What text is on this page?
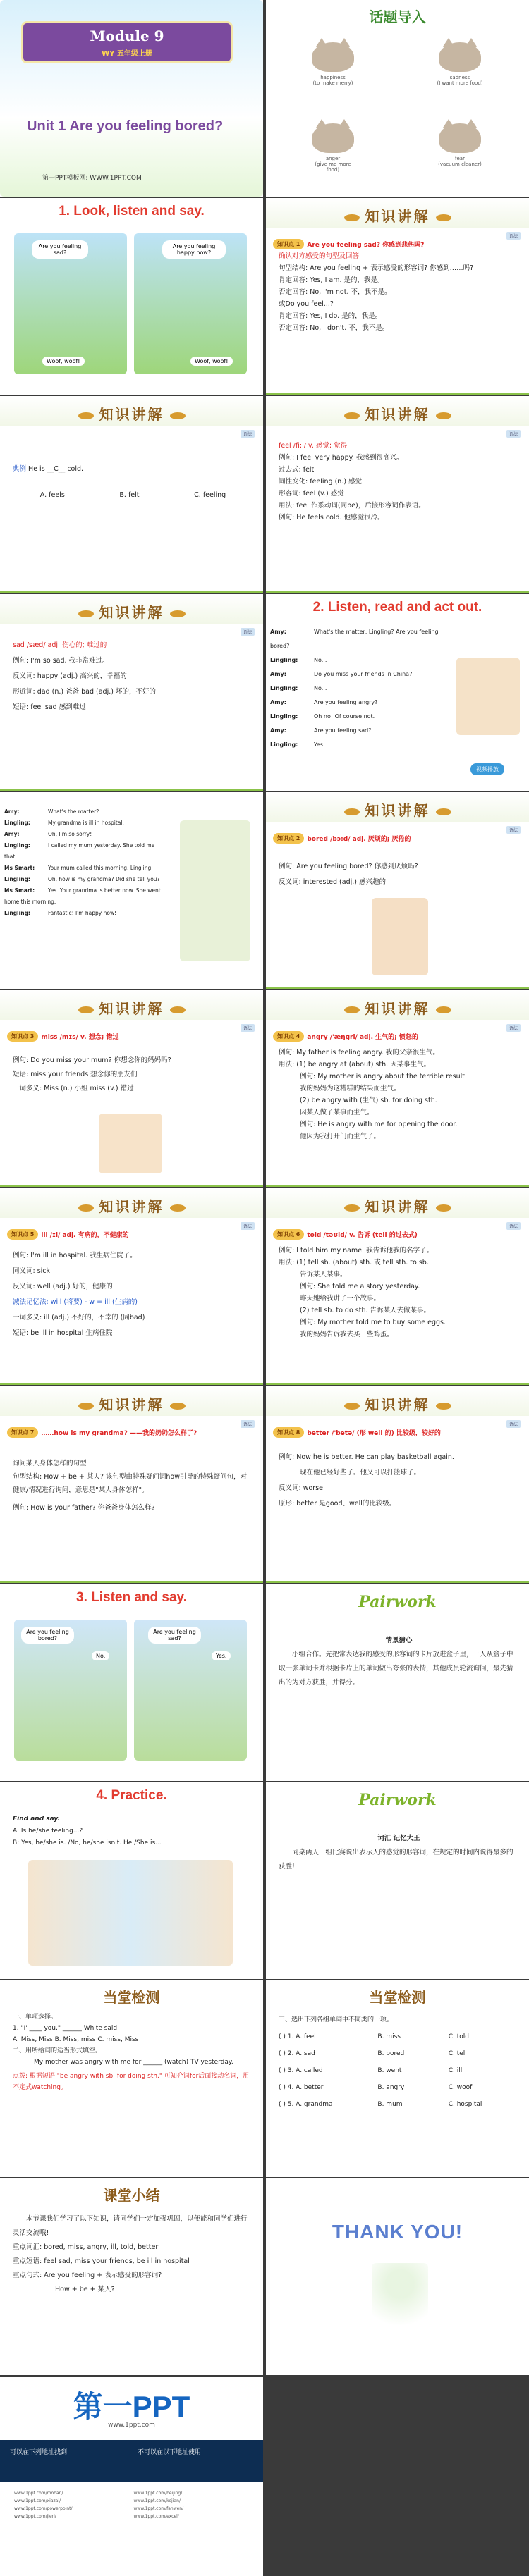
Module 9
WY 五年级上册
Unit 1 Are you feeling bored?
第一PPT模板网: WWW.1PPT.COM
话题导入
happiness
(to make merry)
sadness
(I want more food)
anger
(give me more food)
fear
(vacuum cleaner)
1. Look, listen and say.
Are you feeling sad?
Are you feeling happy now?
Woof, woof!	Woof, woof!
知识讲解
语法
知识点 1	Are you feeling sad? 你感到悲伤吗?
确认对方感受的句型及回答
句型结构: Are you feeling + 表示感受的形容词? 你感到……吗?
肯定回答: Yes, I am. 是的，我是。
否定回答: No, I'm not. 不，我不是。
或Do you feel...?
肯定回答: Yes, I do. 是的，我是。
否定回答: No, I don't. 不，我不是。
知识讲解
语法
典例 He is __C__ cold.
A. feels	B. felt	C. feeling
知识讲解
语法
feel /fi:l/ v. 感觉; 觉得
例句: I feel very happy. 我感到很高兴。
过去式: felt
词性变化: feeling (n.) 感觉
形容词: feel (v.) 感觉
用法: feel 作系动词(同be)，后接形容词作表语。
例句: He feels cold. 他感觉很冷。
知识讲解
语法
sad /sæd/ adj. 伤心的; 难过的
例句: I'm so sad. 我非常难过。
反义词: happy (adj.) 高兴的，幸福的
形近词: dad (n.) 爸爸 bad (adj.) 坏的，不好的
短语: feel sad 感到难过
2. Listen, read and act out.
Amy:	What's the matter, Lingling? Are you feeling bored?
Lingling:	No...
Amy:	Do you miss your friends in China?
Lingling:	No...
Amy:	Are you feeling angry?
Lingling:	Oh no! Of course not.
Amy:	Are you feeling sad?
Lingling:	Yes...
视频播放
Amy:	What's the matter?
Lingling:	My grandma is ill in hospital.
Amy:	Oh, I'm so sorry!
Lingling:	I called my mum yesterday. She told me that.
Ms Smart:	Your mum called this morning, Lingling.
Lingling:	Oh, how is my grandma? Did she tell you?
Ms Smart:	Yes. Your grandma is better now. She went home this morning.
Lingling:	Fantastic! I'm happy now!
知识讲解
语法
知识点 2	bored /bɔ:d/ adj. 厌烦的; 厌倦的
例句: Are you feeling bored? 你感到厌烦吗?
反义词: interested (adj.) 感兴趣的
知识讲解
语法
知识点 3	miss /mɪs/ v. 想念; 错过
例句: Do you miss your mum? 你想念你的妈妈吗?
短语: miss your friends 想念你的朋友们
一词多义: Miss (n.) 小姐 miss (v.) 错过
知识讲解
语法
知识点 4	angry /'æŋɡri/ adj. 生气的; 愤怒的
例句: My father is feeling angry. 我的父亲很生气。
用法: (1) be angry at (about) sth. 因某事生气。
例句: My mother is angry about the terrible result.
我的妈妈为这糟糕的结果而生气。
(2) be angry with (生气) sb. for doing sth.
因某人做了某事而生气。
例句: He is angry with me for opening the door.
他因为我打开门而生气了。
知识讲解
语法
知识点 5	ill /ɪl/ adj. 有病的，不健康的
例句: I'm ill in hospital. 我生病住院了。
同义词: sick
反义词: well (adj.) 好的，健康的
减法记忆法: will (将要) - w = ill (生病的)
一词多义: ill (adj.) 不好的，不幸的 (同bad)
短语: be ill in hospital 生病住院
知识讲解
语法
知识点 6	told /təʊld/ v. 告诉 (tell 的过去式)
例句: I told him my name. 我告诉他我的名字了。
用法: (1) tell sb. (about) sth. 或 tell sth. to sb.
告诉某人某事。
例句: She told me a story yesterday.
昨天她给我讲了一个故事。
(2) tell sb. to do sth. 告诉某人去做某事。
例句: My mother told me to buy some eggs.
我的妈妈告诉我去买一些鸡蛋。
知识讲解
语法
知识点 7	……how is my grandma? ——我的奶奶怎么样了?
询问某人身体怎样的句型
句型结构: How + be + 某人? 该句型由特殊疑问词how引导的特殊疑问句，对健康/情况进行询问，意思是"某人身体怎样"。
例句: How is your father? 你爸爸身体怎么样?
知识讲解
语法
知识点 8	better /'betə/ (形 well 的) 比较级，较好的
例句: Now he is better. He can play basketball again.
现在他已经好些了。他又可以打篮球了。
反义词: worse
原形: better 是good、well的比较级。
3. Listen and say.
Are you feeling bored?
Are you feeling sad?
No.	Yes.
Pairwork
情景猜心
小组合作。先把常表达我的感受的形容词的卡片放进盒子里，一人从盒子中取一张单词卡并根据卡片上的单词做出夸张的表情，其他成员轮流询问，最先猜出的为对方获胜，并得分。
4. Practice.
Find and say.
A: Is he/she feeling...?
B: Yes, he/she is. /No, he/she isn't. He /She is...
Pairwork
词汇 记忆大王
同桌两人一组比赛说出表示人的感觉的形容词，在规定的时间内说得最多的获胜!
当堂检测
一、单项选择。
1. "I' ____ you," ______ White said.
A. Miss, Miss B. Miss, miss C. miss, Miss
二、用所给词的适当形式填空。
My mother was angry with me for ______ (watch) TV yesterday.
点拨: 根据短语 "be angry with sb. for doing sth." 可知介词for后面接动名词，用不定式watching。
当堂检测
三、选出下列各组单词中不同类的一项。
( ) 1. A. feel	B. miss	C. told
( ) 2. A. sad	B. bored	C. tell
( ) 3. A. called	B. went	C. ill
( ) 4. A. better	B. angry	C. woof
( ) 5. A. grandma	B. mum	C. hospital
课堂小结
本节课我们学习了以下知识，请同学们一定加强巩固，以便能和同学们进行灵活交流哦!
重点词汇: bored, miss, angry, ill, told, better
重点短语: feel sad, miss your friends, be ill in hospital
重点句式: Are you feeling + 表示感受的形容词?
How + be + 某人?
THANK YOU!
第一PPT
www.1ppt.com
可以在下列地址找到	不可以在以下地址使用
www.1ppt.com/moban/
www.1ppt.com/xiazai/
www.1ppt.com/powerpoint/
www.1ppt.com/jieri/
www.1ppt.com/beijing/
www.1ppt.com/kejian/
www.1ppt.com/fanwen/
www.1ppt.com/excel/
